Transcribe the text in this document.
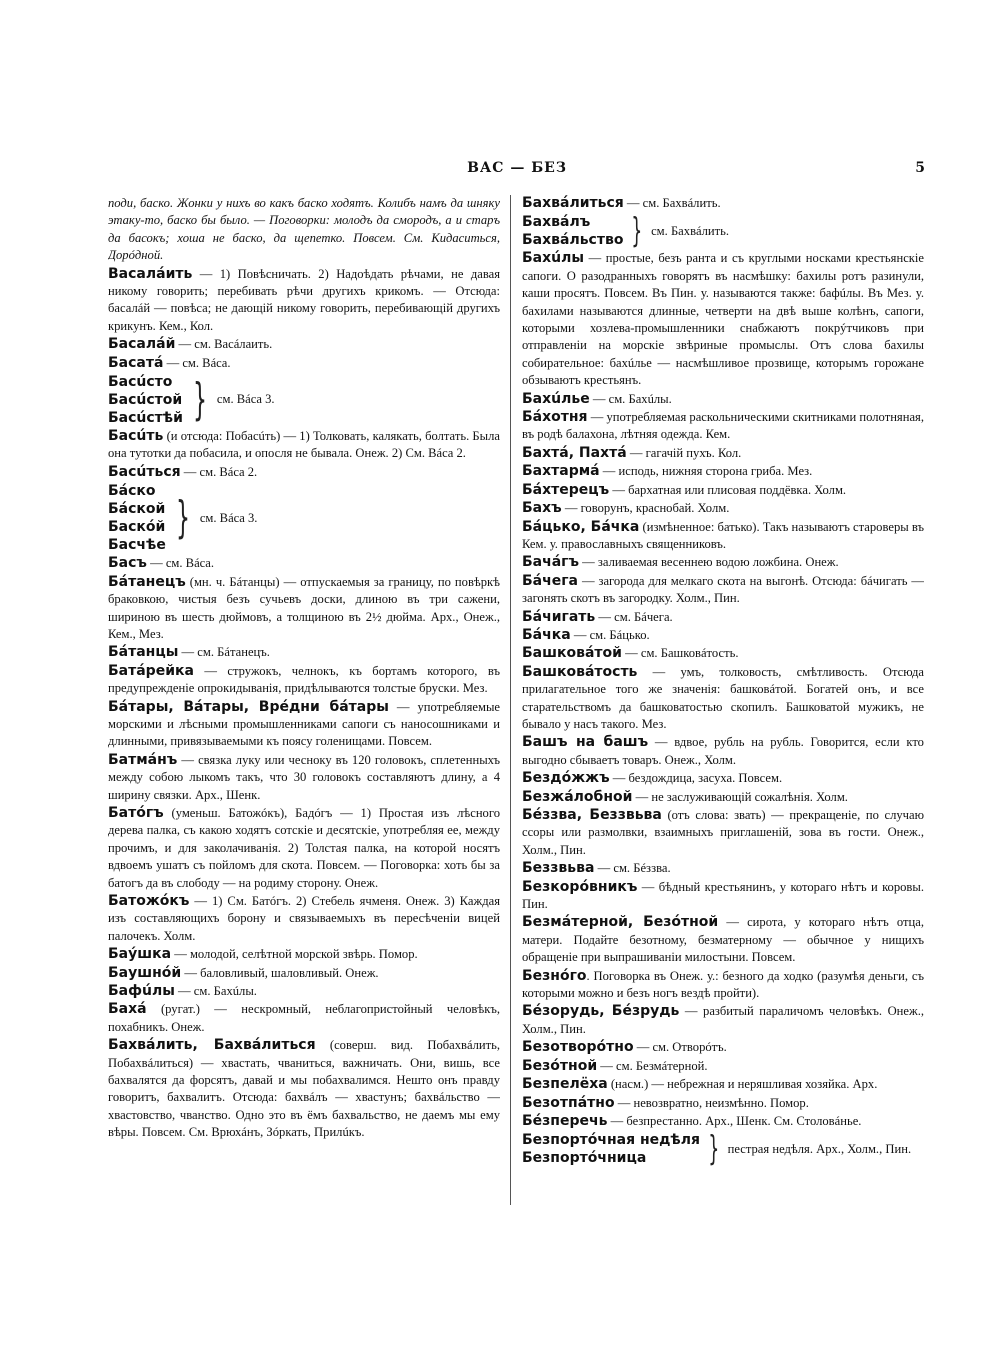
ВАС — БЕЗ	5
поди, баско. Жонки у нихъ во какъ баско ходятъ. Колибъ намъ да шняку этаку-то, баско бы было. — Поговорки: молодъ да смородъ, а и старъ да басокъ; хоша не баско, да щепетко. Повсем. См. Кидаситься, Дорóдной.
Васалáить — 1) Повѣсничать. 2) Надоѣдать рѣчами, не давая никому говорить; перебивать рѣчи другихъ крикомъ. — Отсюда: басалáй — повѣса; не дающій никому говорить, перебивающій другихъ крикунъ. Кем., Кол.
Басалáй — см. Васáлаить.
Басатá — см. Báca.
Басúсто
Басúстой
Басúстѣй } см. Báca 3.
Басúть (и отсюда: Побасúть) — 1) Толковать, калякать, болтать. Была она тутотки да побасила, и опосля не бывала. Онеж. 2) См. Báca 2.
Басúться — см. Báca 2.
Бáско
Бáской
Баскóй
Басчѣе
} см. Báca 3.
Басъ — см. Báca.
Бáтанецъ (мн. ч. Бáтанцы) — отпускаемыя за границу, по повѣркѣ браковкою, чистыя безъ сучьевъ доски, длиною въ три сажени, шириною въ шесть дюймовъ, а толщиною въ 2½ дюйма. Арх., Онеж., Кем., Мез.
Бáтанцы — см. Бáтанецъ.
Батáрейка — стружокъ, челнокъ, къ бортамъ которого, въ предупрежденіе опрокидыванія, придѣлываются толстые бруски. Мез.
Бáтары, Вáтары, Врéдни бáтары — употребляемые морскими и лѣсными промышленниками сапоги съ наносошниками и длинными, привязываемыми къ поясу голенищами. Повсем.
Батмáнъ — связка луку или чесноку въ 120 головокъ, сплетенныхъ между собою лыкомъ такъ, что 30 головокъ составляютъ длину, а 4 ширину связки. Арх., Шенк.
Батóгъ (уменьш. Батожóкъ), Бадóгъ — 1) Простая изъ лѣсного дерева палка, съ какою ходятъ сотскіе и десятскіе, употребляя ее, между прочимъ, и для заколачиванія. 2) Толстая палка, на которой носятъ вдвоемъ ушатъ съ пойломъ для скота. Повсем. — Поговорка: хоть бы за батогъ да въ слободу — на родиму сторону. Онеж.
Батожóкъ — 1) См. Батóгъ. 2) Стебель ячменя. Онеж. 3) Каждая изъ составляющихъ борону и связываемыхъ въ пересѣченіи вицей палочекъ. Холм.
Баýшка — молодой, селѣтной морской звѣрь. Помор.
Баушнóй — баловливый, шаловливый. Онеж.
Бафúлы — см. Бахúлы.
Бахá (ругат.) — нескромный, неблагопристойный человѣкъ, похабникъ. Онеж.
Бахвáлить, Бахвáлиться (соверш. вид. Побахвáлить, Побахвáлиться) — хвастать, чваниться, важничать. Они, вишь, все бахвалятся да форсятъ, давай и мы побахвалимся. Нешто онъ правду говоритъ, бахвалитъ. Отсюда: бахвáлъ — хвастунъ; бахвáльство — хвастовство, чванство. Одно это въ ёмъ бахвальство, не даемъ мы ему вѣры. Повсем. См. Врюхáнъ, Зóркать, Прилúкъ.
Бахвáлиться — см. Бахвáлить.
Бахвáлъ
Бахвáльство } см. Бахвáлить.
Бахúлы — простые, безъ ранта и съ круглыми носками крестьянскіе сапоги. О разодранныхъ говорятъ въ насмѣшку: бахилы ротъ разинули, каши просятъ. Повсем. Въ Пин. у. называются также: бафúлы. Въ Мез. у. бахилами называются длинные, четверти на двѣ выше колѣнъ, сапоги, которыми хозлева-промышленники снабжаютъ покрýтчиковъ при отправленіи на морскіе звѣриные промыслы. Отъ слова бахилы собирательное: бахúлье — насмѣшливое прозвище, которымъ горожане обзываютъ крестьянъ.
Бахúлье — см. Бахúлы.
Бáхотня — употребляемая раскольническими скитниками полотняная, въ родѣ балахона, лѣтняя одежда. Кем.
Бахтá, Пахтá — гагачій пухъ. Кол.
Бахтармá — исподь, нижняя сторона гриба. Мез.
Бáхтерецъ — бархатная или плисовая поддёвка. Холм.
Бахъ — говорунъ, краснобай. Холм.
Бáцько, Бáчка (измѣненное: батько). Такъ называютъ староверы въ Кем. у. православныхъ священниковъ.
Бачáгъ — заливаемая весеннею водою ложбина. Онеж.
Бáчега — загорода для мелкаго скота на выгонѣ. Отсюда: бáчигать — загонять скотъ въ загородку. Холм., Пин.
Бáчигать — см. Бáчега.
Бáчка — см. Бáцько.
Башковáтой — см. Башковáтость.
Башковáтость — умъ, толковость, смѣтливость. Отсюда прилагательное того же значенія: башковáтой. Богатей онъ, и все старательствомъ да башковатостью скопилъ. Башковатой мужикъ, не бывало у насъ такого. Мез.
Башъ на башъ — вдвое, рубль на рубль. Говорится, если кто выгодно сбываетъ товаръ. Онеж., Холм.
Бездóжжъ — бездождица, засуха. Повсем.
Безжáлобной — не заслуживающій сожалѣнія. Холм.
Бéззва, Беззвьва (отъ слова: звать) — прекращеніе, по случаю ссоры или размолвки, взаимныхъ приглашеній, зова въ гости. Онеж., Холм., Пин.
Беззвьва — см. Бéззва.
Безкорóвникъ — бѣдный крестьянинъ, у котораго нѣтъ и коровы. Пин.
Безмáтерной, Безóтной — сирота, у котораго нѣтъ отца, матери. Подайте безотному, безматерному — обычное у нищихъ обращеніе при выпрашиваніи милостыни. Повсем.
Безнóго. Поговорка въ Онеж. у.: безного да ходко (разумѣя деньги, съ которыми можно и безъ ногъ вездѣ пройти).
Бéзорудь, Бéзрудь — разбитый параличомъ человѣкъ. Онеж., Холм., Пин.
Безотворóтно — см. Отворóтъ.
Безóтной — см. Безмáтерной.
Безпелёха (насм.) — небрежная и неряшливая хозяйка. Арх.
Безотпáтно — невозвратно, неизмѣнно. Помор.
Бéзперечь — безпрестанно. Арх., Шенк. См. Столовáнье.
Безпортóчная недѣля
Безпортóчница	} пестрая недѣля. Арх., Холм., Пин.
